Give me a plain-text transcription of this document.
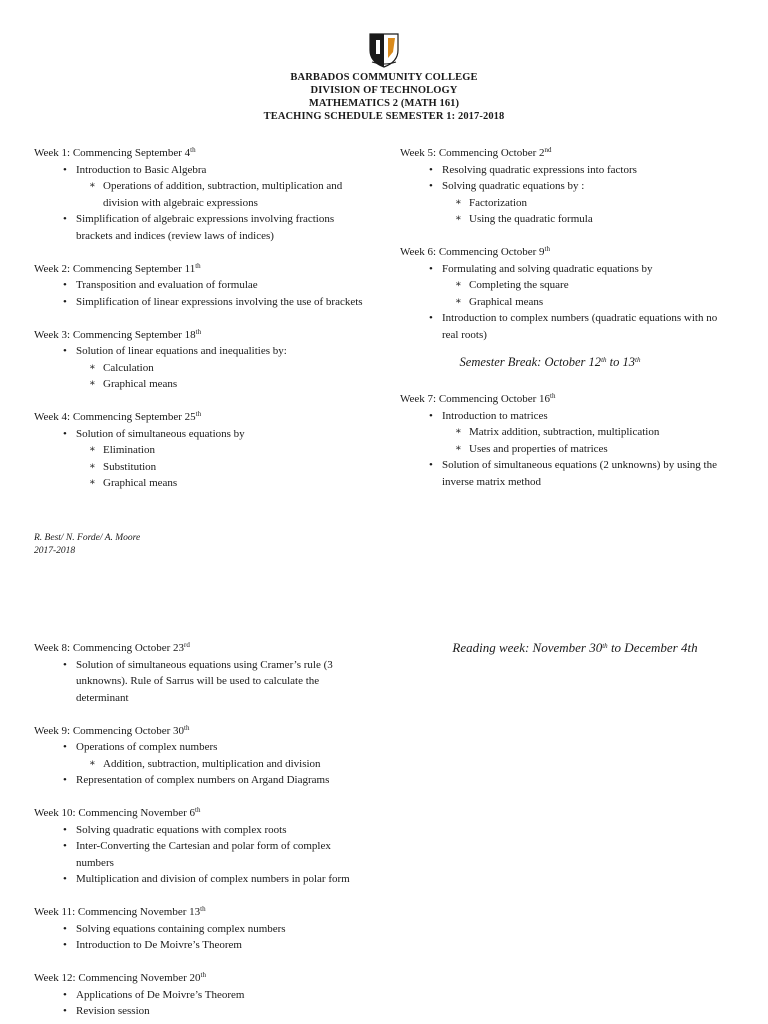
BARBADOS COMMUNITY COLLEGE
DIVISION OF TECHNOLOGY
MATHEMATICS 2 (MATH 161)
TEACHING SCHEDULE SEMESTER 1: 2017-2018

Week 1: Commencing September 4th

• Introduction to Basic Algebra
∗ Operations of addition, subtraction, multiplication and division with algebraic expressions
• Simplification of algebraic expressions involving fractions brackets and indices (review laws of indices)

Week 2: Commencing September 11th

• Transposition and evaluation of formulae
• Simplification of linear expressions involving the use of brackets

Week 3: Commencing September 18th

• Solution of linear equations and inequalities by:
∗ Calculation
∗ Graphical means

Week 4: Commencing September 25th

• Solution of simultaneous equations by
∗ Elimination
∗ Substitution
∗ Graphical means

Week 5: Commencing October 2nd

• Resolving quadratic expressions into factors
• Solving quadratic equations by :
∗ Factorization
∗ Using the quadratic formula

Week 6: Commencing October 9th

• Formulating and solving quadratic equations by
∗ Completing the square
∗ Graphical means
• Introduction to complex numbers (quadratic equations with no real roots)
Semester Break: October 12th to 13th

Week 7: Commencing October 16th

• Introduction to matrices
∗ Matrix addition, subtraction, multiplication
∗ Uses and properties of matrices
• Solution of simultaneous equations (2 unknowns) by using the inverse matrix method
R. Best/ N. Forde/ A. Moore
2017-2018

Week 8: Commencing October 23rd

• Solution of simultaneous equations using Cramer’s rule (3 unknowns). Rule of Sarrus will be used to calculate the determinant

Week 9: Commencing October 30th

• Operations of complex numbers
∗ Addition, subtraction, multiplication and division
• Representation of complex numbers on Argand Diagrams

Week 10: Commencing November 6th

• Solving quadratic equations with complex roots
• Inter-Converting the Cartesian and polar form of complex numbers
• Multiplication and division of complex numbers in polar form

Week 11: Commencing November 13th

• Solving equations containing complex numbers
• Introduction to De Moivre’s Theorem

Week 12: Commencing November 20th

• Applications of De Moivre’s Theorem
• Revision session
Reading week: November 30th to December 4th
